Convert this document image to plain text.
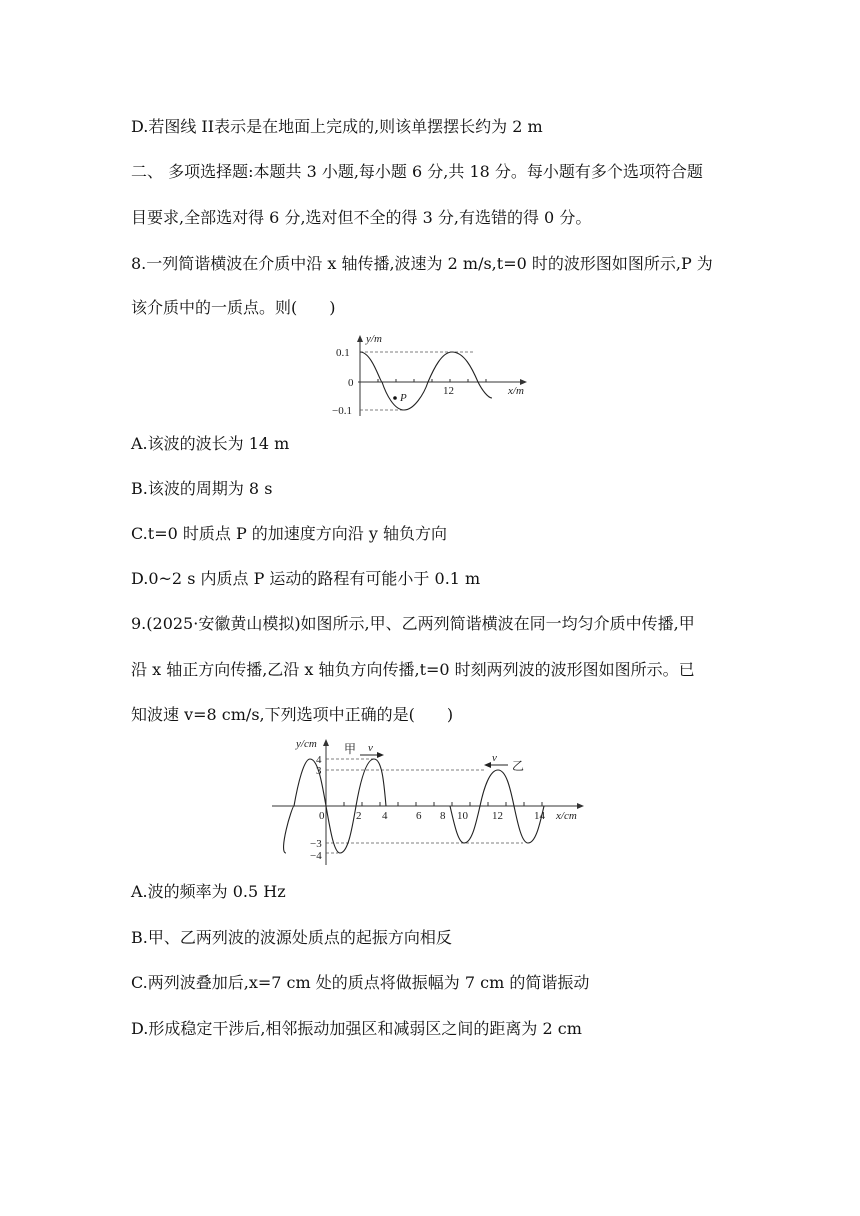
D.若图线 II表示是在地面上完成的,则该单摆摆长约为 2 m
二、 多项选择题:本题共 3 小题,每小题 6 分,共 18 分。每小题有多个选项符合题
目要求,全部选对得 6 分,选对但不全的得 3 分,有选错的得 0 分。
8.一列简谐横波在介质中沿 x 轴传播,波速为 2 m/s,t=0 时的波形图如图所示,P 为
该介质中的一质点。则(　　)
y/m
x/m
0.1
0
−0.1
12
P
A.该波的波长为 14 m
B.该波的周期为 8 s
C.t=0 时质点 P 的加速度方向沿 y 轴负方向
D.0~2 s 内质点 P 运动的路程有可能小于 0.1 m
9.(2025·安徽黄山模拟)如图所示,甲、乙两列简谐横波在同一均匀介质中传播,甲
沿 x 轴正方向传播,乙沿 x 轴负方向传播,t=0 时刻两列波的波形图如图所示。已
知波速 v=8 cm/s,下列选项中正确的是(　　)
y/cm
x/cm
甲 v
乙
v
4
3
−3
−4
0	2 4	6 8 10 12	14
A.波的频率为 0.5 Hz
B.甲、乙两列波的波源处质点的起振方向相反
C.两列波叠加后,x=7 cm 处的质点将做振幅为 7 cm 的简谐振动
D.形成稳定干涉后,相邻振动加强区和减弱区之间的距离为 2 cm
